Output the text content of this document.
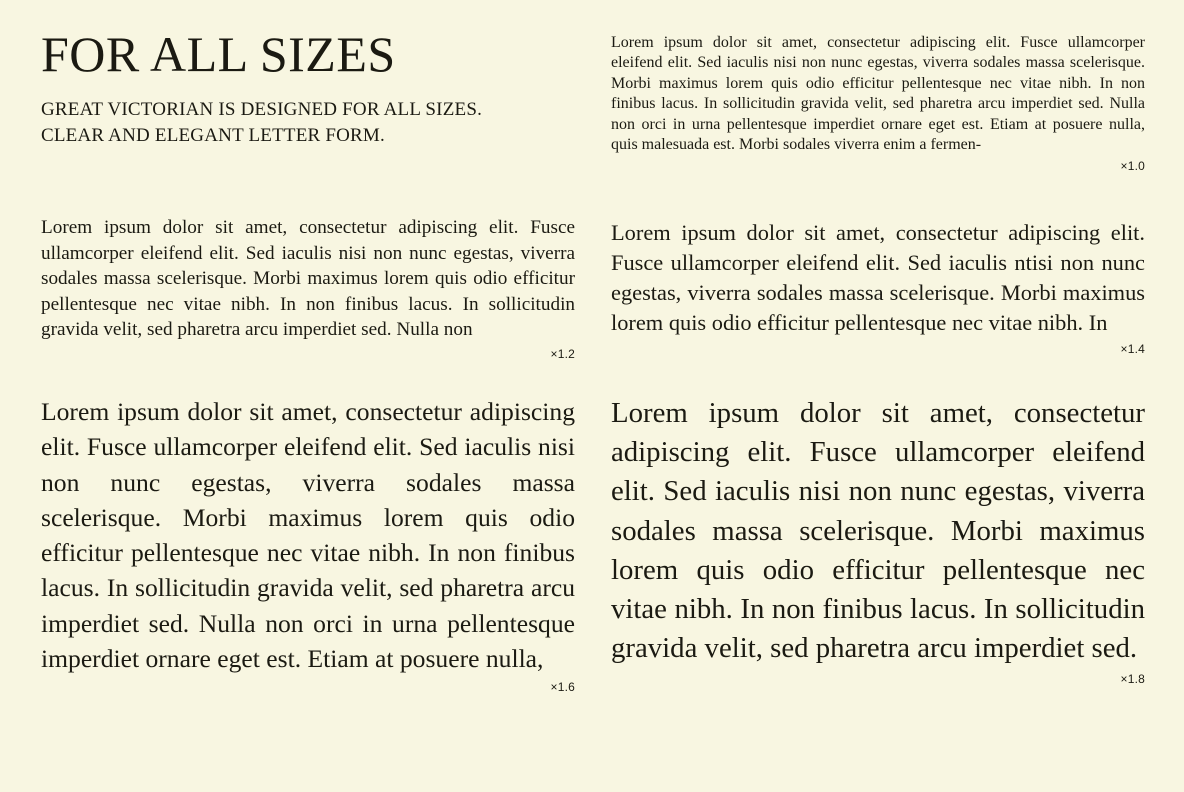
FOR ALL SIZES
GREAT VICTORIAN IS DESIGNED FOR ALL SIZES.
CLEAR AND ELEGANT LETTER FORM.

Lorem ipsum dolor sit amet, consectetur adipiscing elit. Fusce ullamcorper eleifend elit. Sed iaculis nisi non nunc egestas, viverra sodales massa scelerisque. Morbi maximus lorem quis odio efficitur pellentesque nec vitae nibh. In non finibus lacus. In sollicitudin gravida velit, sed pharetra arcu imperdiet sed. Nulla non

×1.2

Lorem ipsum dolor sit amet, consectetur adipiscing elit. Fusce ullamcorper eleifend elit. Sed iaculis nisi non nunc egestas, viverra sodales massa scelerisque. Morbi maximus lorem quis odio efficitur pellentesque nec vitae nibh. In non finibus lacus. In sollicitudin gravida velit, sed pharetra arcu imperdiet sed. Nulla non orci in urna pellentesque imperdiet ornare eget est. Etiam at posuere nulla,

×1.6

Lorem ipsum dolor sit amet, consectetur adipiscing elit. Fusce ullamcorper eleifend elit. Sed iaculis nisi non nunc egestas, viverra sodales massa scelerisque. Morbi maximus lorem quis odio efficitur pellentesque nec vitae nibh. In non finibus lacus. In sollicitudin gravida velit, sed pharetra arcu imperdiet sed. Nulla non orci in urna pellentesque imperdiet ornare eget est. Etiam at posuere nulla, quis malesuada est. Morbi sodales viverra enim a fermen-

×1.0

Lorem ipsum dolor sit amet, consectetur adipiscing elit. Fusce ullamcorper eleifend elit. Sed iaculis ntisi non nunc egestas, viverra sodales massa scelerisque. Morbi maximus lorem quis odio efficitur pellentesque nec vitae nibh. In

×1.4

Lorem ipsum dolor sit amet, consectetur adipiscing elit. Fusce ullamcorper eleifend elit. Sed iaculis nisi non nunc egestas, viverra sodales massa scelerisque. Morbi maximus lorem quis odio efficitur pellentesque nec vitae nibh. In non finibus lacus. In sollicitudin gravida velit, sed pharetra arcu imperdiet sed.

×1.8
